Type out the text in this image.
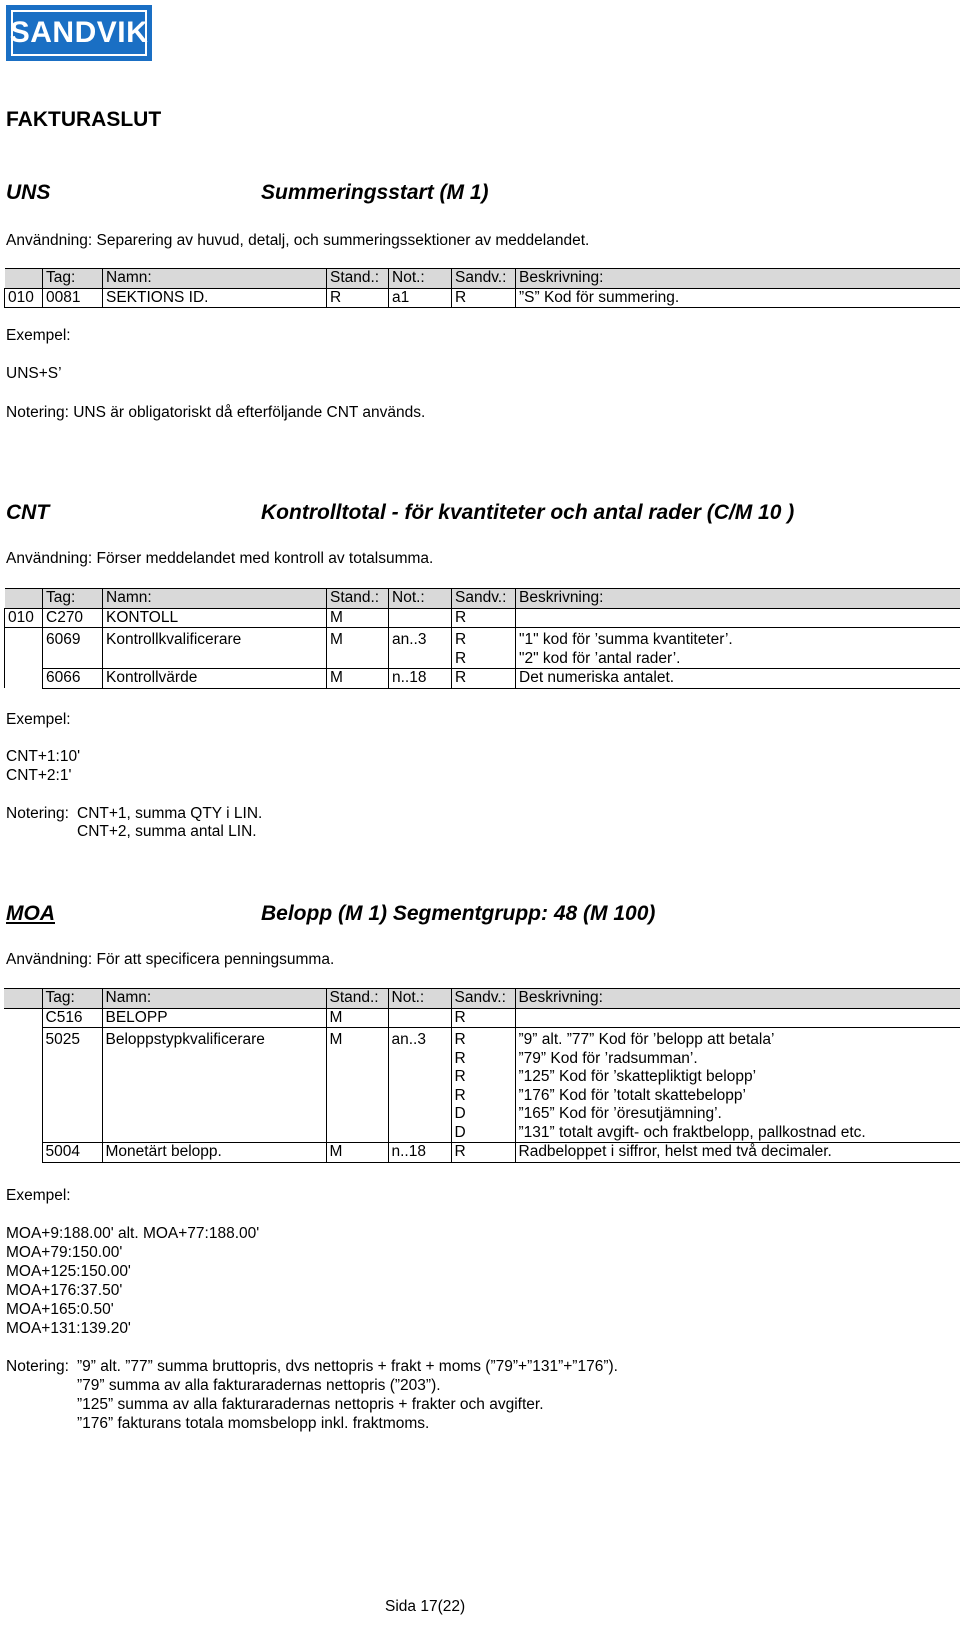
SANDVIK
FAKTURASLUT
UNS	Summeringsstart (M 1)
Användning: Separering av huvud, detalj, och summeringssektioner av meddelandet.
	Tag:	Namn:	Stand.:	Not.:	Sandv.:	Beskrivning:
010	0081	SEKTIONS ID.	R	a1	R	”S” Kod för summering.
Exempel:
UNS+S’
Notering: UNS är obligatoriskt då efterföljande CNT används.
CNT	Kontrolltotal - för kvantiteter och antal rader (C/M 10 )
Användning: Förser meddelandet med kontroll av totalsumma.
	Tag:	Namn:	Stand.:	Not.:	Sandv.:	Beskrivning:
010	C270	KONTOLL	M		R	
	6069	Kontrollkvalificerare	M	an..3	R	"1" kod för ’summa kvantiteter’.
					R	"2" kod för ’antal rader’.
	6066	Kontrollvärde	M	n..18	R	Det numeriska antalet.
Exempel:
CNT+1:10'
CNT+2:1'
Notering: CNT+1, summa QTY i LIN.
CNT+2, summa antal LIN.
MOA	Belopp (M 1) Segmentgrupp: 48 (M 100)
Användning: För att specificera penningsumma.
	Tag:	Namn:	Stand.:	Not.:	Sandv.:	Beskrivning:
	C516	BELOPP	M		R	
	5025	Beloppstypkvalificerare	M	an..3	R	”9” alt. ”77” Kod för ’belopp att betala’
					R	”79” Kod för ’radsumman’.
					R	”125” Kod för ’skattepliktigt belopp’
					R	”176” Kod för ’totalt skattebelopp’
					D	”165” Kod för ’öresutjämning’.
					D	”131” totalt avgift- och fraktbelopp, pallkostnad etc.
	5004	Monetärt belopp.	M	n..18	R	Radbeloppet i siffror, helst med två decimaler.
Exempel:
MOA+9:188.00' alt. MOA+77:188.00'
MOA+79:150.00'
MOA+125:150.00'
MOA+176:37.50'
MOA+165:0.50'
MOA+131:139.20'
Notering: ”9” alt. ”77” summa bruttopris, dvs nettopris + frakt + moms (”79”+”131”+”176”).
”79” summa av alla fakturaradernas nettopris (”203”).
”125” summa av alla fakturaradernas nettopris + frakter och avgifter.
”176” fakturans totala momsbelopp inkl. fraktmoms.
Sida 17(22)
